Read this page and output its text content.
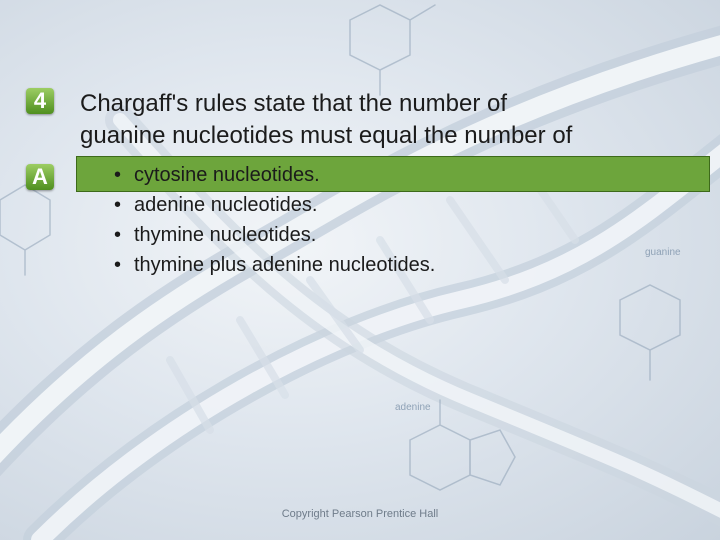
guanine
adenine
4	Chargaff's rules state that the number of
guanine nucleotides must equal the number of

A	• cytosine nucleotides.
• adenine nucleotides.
• thymine nucleotides.
• thymine plus adenine nucleotides.
Copyright Pearson Prentice Hall
